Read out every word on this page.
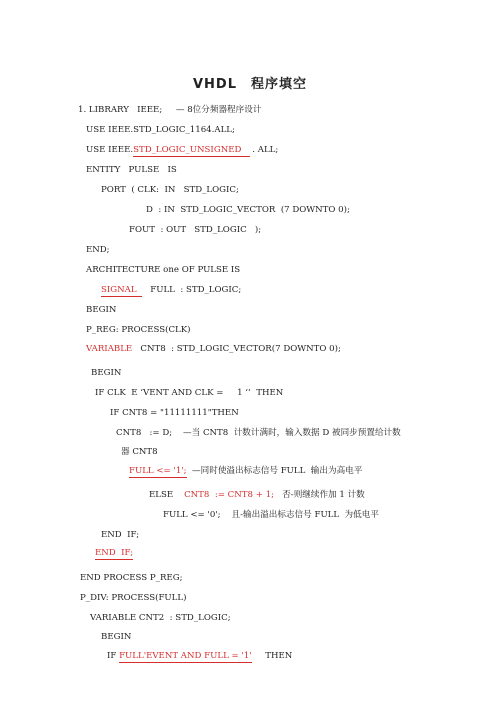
VHDL　程序填空
1. LIBRARY   IEEE;     — 8位分频器程序设计
USE IEEE.STD_LOGIC_1164.ALL;
USE IEEE.STD_LOGIC_UNSIGNED    . ALL;
ENTITY   PULSE   IS
PORT  ( CLK:  IN   STD_LOGIC;
D  : IN  STD_LOGIC_VECTOR  (7 DOWNTO 0);
FOUT  : OUT   STD_LOGIC   );
END;
ARCHITECTURE one OF PULSE IS
SIGNAL     FULL  : STD_LOGIC;
BEGIN
P_REG: PROCESS(CLK)
VARIABLE   CNT8  : STD_LOGIC_VECTOR(7 DOWNTO 0);
BEGIN
IF CLK  E ‘VENT AND CLK =     1 ‘’  THEN
IF CNT8 = "11111111"THEN
CNT8   := D;    —当 CNT8  计数计满时，输入数据 D 被同步预置给计数
器 CNT8
FULL <= '1';  —同时使溢出标志信号 FULL  输出为高电平
ELSE    CNT8  := CNT8 + 1;   否-则继续作加 1 计数
FULL <= '0';    且-输出溢出标志信号 FULL  为低电平
END  IF;
END  IF;
END PROCESS P_REG;
P_DIV: PROCESS(FULL)
VARIABLE CNT2  : STD_LOGIC;
BEGIN
IF FULL'EVENT AND FULL = '1'     THEN
